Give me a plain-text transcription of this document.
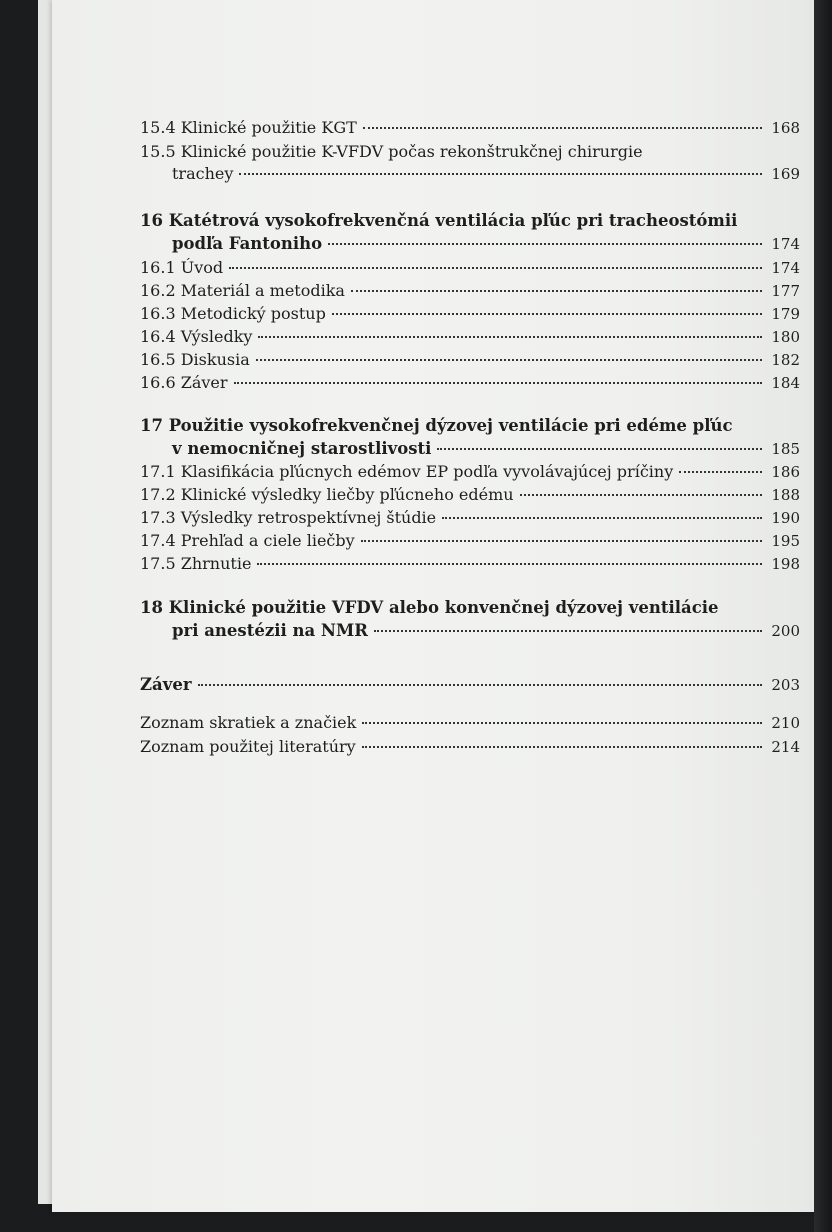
15.4 Klinické použitie KGT	168
15.5 Klinické použitie K-VFDV počas rekonštrukčnej chirurgie
trachey	169
16 Katétrová vysokofrekvenčná ventilácia pľúc pri tracheostómii
podľa Fantoniho	174
16.1 Úvod	174
16.2 Materiál a metodika	177
16.3 Metodický postup	179
16.4 Výsledky	180
16.5 Diskusia	182
16.6 Záver	184
17 Použitie vysokofrekvenčnej dýzovej ventilácie pri edéme pľúc
v nemocničnej starostlivosti	185
17.1 Klasifikácia pľúcnych edémov EP podľa vyvolávajúcej príčiny	186
17.2 Klinické výsledky liečby pľúcneho edému	188
17.3 Výsledky retrospektívnej štúdie	190
17.4 Prehľad a ciele liečby	195
17.5 Zhrnutie	198
18 Klinické použitie VFDV alebo konvenčnej dýzovej ventilácie
pri anestézii na NMR	200
Záver	203
Zoznam skratiek a značiek	210
Zoznam použitej literatúry	214
